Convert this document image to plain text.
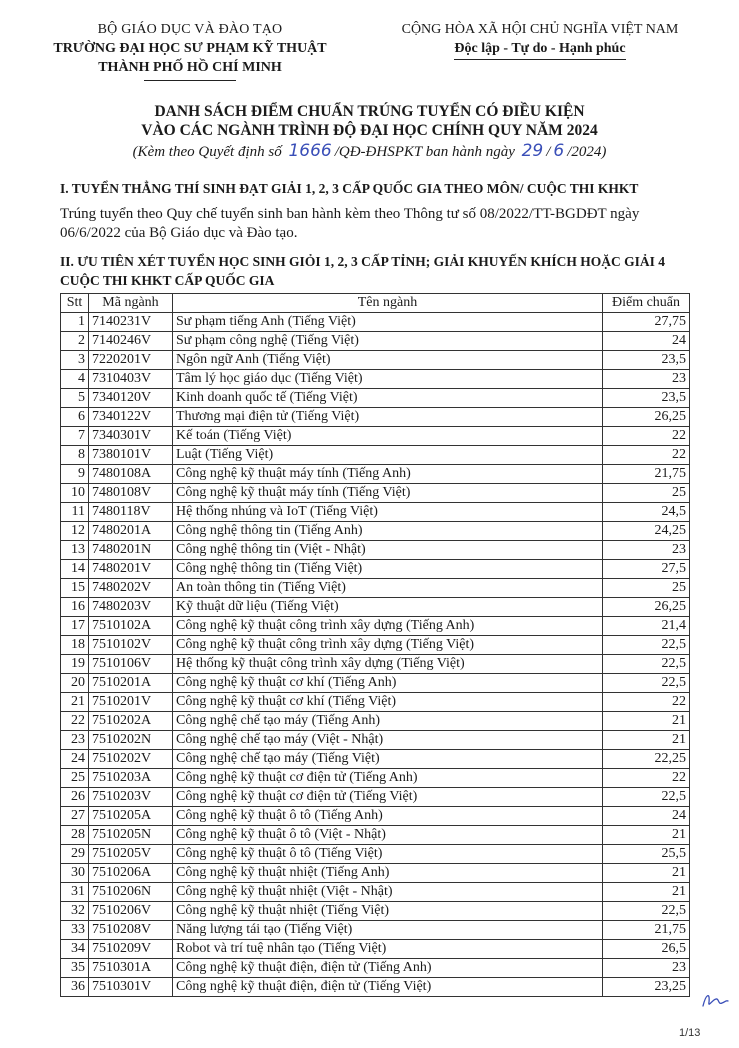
BỘ GIÁO DỤC VÀ ĐÀO TẠO
TRƯỜNG ĐẠI HỌC SƯ PHẠM KỸ THUẬT
THÀNH PHỐ HỒ CHÍ MINH
CỘNG HÒA XÃ HỘI CHỦ NGHĨA VIỆT NAM
Độc lập - Tự do - Hạnh phúc
DANH SÁCH ĐIỂM CHUẨN TRÚNG TUYỂN CÓ ĐIỀU KIỆN
VÀO CÁC NGÀNH TRÌNH ĐỘ ĐẠI HỌC CHÍNH QUY NĂM 2024
(Kèm theo Quyết định số 1666 /QĐ-ĐHSPKT ban hành ngày 29 / 6 /2024)
I. TUYỂN THẲNG THÍ SINH ĐẠT GIẢI 1, 2, 3 CẤP QUỐC GIA THEO MÔN/ CUỘC THI KHKT
Trúng tuyển theo Quy chế tuyển sinh ban hành kèm theo Thông tư số 08/2022/TT-BGDĐT ngày 06/6/2022 của Bộ Giáo dục và Đào tạo.
II. ƯU TIÊN XÉT TUYỂN HỌC SINH GIỎI 1, 2, 3 CẤP TỈNH; GIẢI KHUYẾN KHÍCH HOẶC GIẢI 4 CUỘC THI KHKT CẤP QUỐC GIA
Stt	Mã ngành	Tên ngành	Điểm chuẩn
1	7140231V	Sư phạm tiếng Anh (Tiếng Việt)	27,75
2	7140246V	Sư phạm công nghệ (Tiếng Việt)	24
3	7220201V	Ngôn ngữ Anh (Tiếng Việt)	23,5
4	7310403V	Tâm lý học giáo dục (Tiếng Việt)	23
5	7340120V	Kinh doanh quốc tế (Tiếng Việt)	23,5
6	7340122V	Thương mại điện tử (Tiếng Việt)	26,25
7	7340301V	Kế toán (Tiếng Việt)	22
8	7380101V	Luật (Tiếng Việt)	22
9	7480108A	Công nghệ kỹ thuật máy tính (Tiếng Anh)	21,75
10	7480108V	Công nghệ kỹ thuật máy tính (Tiếng Việt)	25
11	7480118V	Hệ thống nhúng và IoT (Tiếng Việt)	24,5
12	7480201A	Công nghệ thông tin (Tiếng Anh)	24,25
13	7480201N	Công nghệ thông tin (Việt - Nhật)	23
14	7480201V	Công nghệ thông tin (Tiếng Việt)	27,5
15	7480202V	An toàn thông tin (Tiếng Việt)	25
16	7480203V	Kỹ thuật dữ liệu (Tiếng Việt)	26,25
17	7510102A	Công nghệ kỹ thuật công trình xây dựng (Tiếng Anh)	21,4
18	7510102V	Công nghệ kỹ thuật công trình xây dựng (Tiếng Việt)	22,5
19	7510106V	Hệ thống kỹ thuật công trình xây dựng (Tiếng Việt)	22,5
20	7510201A	Công nghệ kỹ thuật cơ khí (Tiếng Anh)	22,5
21	7510201V	Công nghệ kỹ thuật cơ khí (Tiếng Việt)	22
22	7510202A	Công nghệ chế tạo máy (Tiếng Anh)	21
23	7510202N	Công nghệ chế tạo máy (Việt - Nhật)	21
24	7510202V	Công nghệ chế tạo máy (Tiếng Việt)	22,25
25	7510203A	Công nghệ kỹ thuật cơ điện tử (Tiếng Anh)	22
26	7510203V	Công nghệ kỹ thuật cơ điện tử (Tiếng Việt)	22,5
27	7510205A	Công nghệ kỹ thuật ô tô (Tiếng Anh)	24
28	7510205N	Công nghệ kỹ thuật ô tô (Việt - Nhật)	21
29	7510205V	Công nghệ kỹ thuật ô tô (Tiếng Việt)	25,5
30	7510206A	Công nghệ kỹ thuật nhiệt (Tiếng Anh)	21
31	7510206N	Công nghệ kỹ thuật nhiệt (Việt - Nhật)	21
32	7510206V	Công nghệ kỹ thuật nhiệt (Tiếng Việt)	22,5
33	7510208V	Năng lượng tái tạo (Tiếng Việt)	21,75
34	7510209V	Robot và trí tuệ nhân tạo (Tiếng Việt)	26,5
35	7510301A	Công nghệ kỹ thuật điện, điện tử (Tiếng Anh)	23
36	7510301V	Công nghệ kỹ thuật điện, điện tử (Tiếng Việt)	23,25
1/13
